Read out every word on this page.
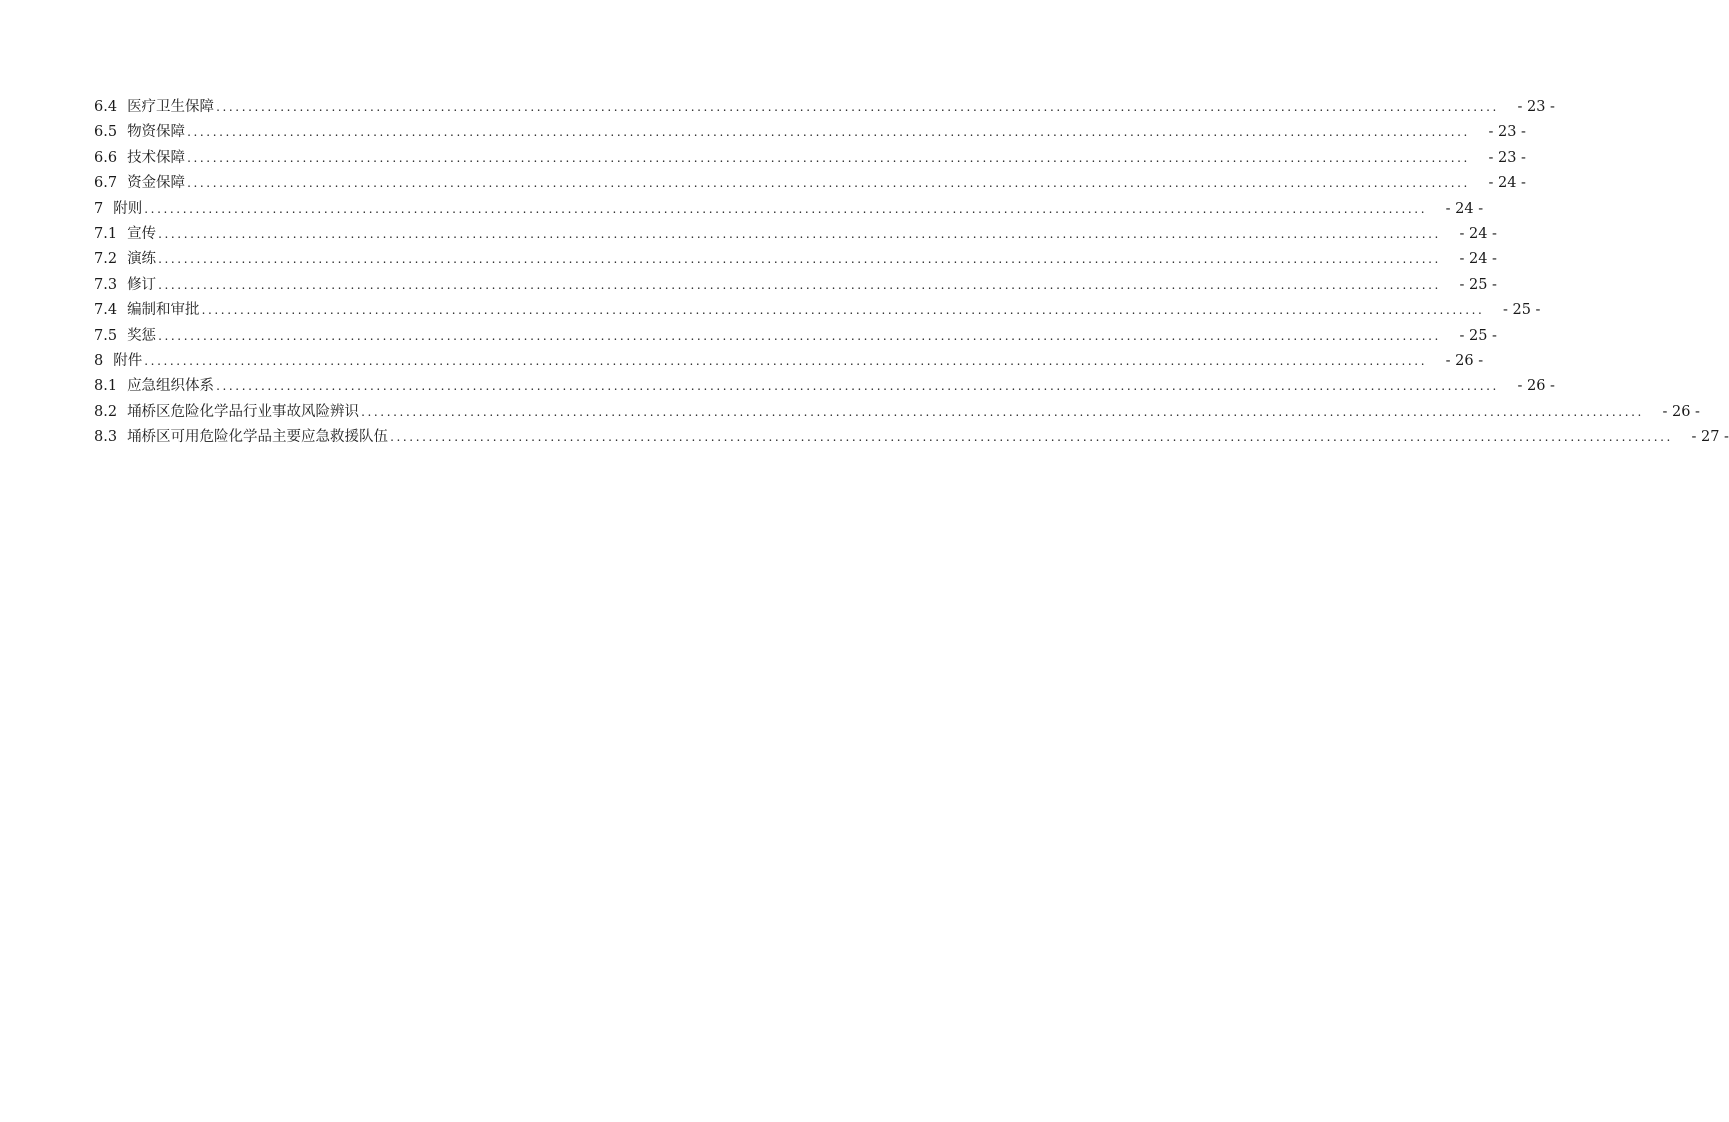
6.4 医疗卫生保障 ........................................................................................................................................................................................................	- 23 -
6.5 物资保障 ........................................................................................................................................................................................................	- 23 -
6.6 技术保障 ........................................................................................................................................................................................................	- 23 -
6.7 资金保障 ........................................................................................................................................................................................................	- 24 -
7 附则 ........................................................................................................................................................................................................	- 24 -
7.1 宣传 ........................................................................................................................................................................................................	- 24 -
7.2 演练 ........................................................................................................................................................................................................	- 24 -
7.3 修订 ........................................................................................................................................................................................................	- 25 -
7.4 编制和审批 ........................................................................................................................................................................................................	- 25 -
7.5 奖惩 ........................................................................................................................................................................................................	- 25 -
8 附件 ........................................................................................................................................................................................................	- 26 -
8.1 应急组织体系 ........................................................................................................................................................................................................	- 26 -
8.2 埇桥区危险化学品行业事故风险辨识 ........................................................................................................................................................................................................	- 26 -
8.3 埇桥区可用危险化学品主要应急救援队伍 ........................................................................................................................................................................................................	- 27 -
